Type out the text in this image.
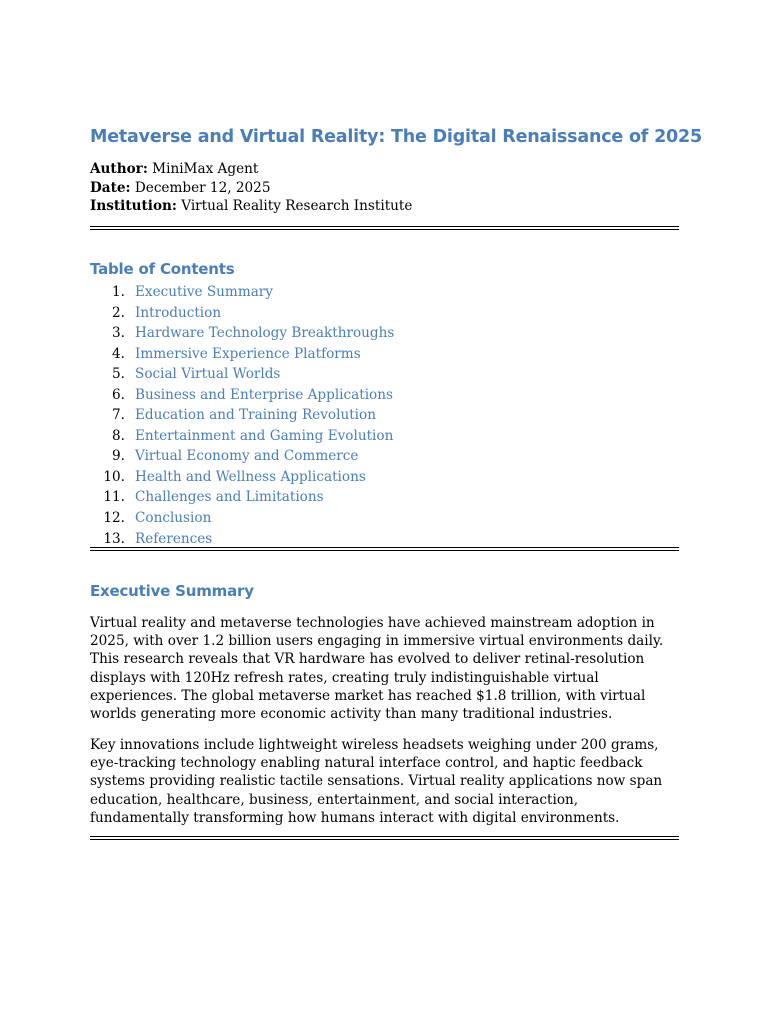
Metaverse and Virtual Reality: The Digital Renaissance of 2025
Author: MiniMax Agent
Date: December 12, 2025
Institution: Virtual Reality Research Institute
Table of Contents
1. Executive Summary
2. Introduction
3. Hardware Technology Breakthroughs
4. Immersive Experience Platforms
5. Social Virtual Worlds
6. Business and Enterprise Applications
7. Education and Training Revolution
8. Entertainment and Gaming Evolution
9. Virtual Economy and Commerce
10. Health and Wellness Applications
11. Challenges and Limitations
12. Conclusion
13. References
Executive Summary

Virtual reality and metaverse technologies have achieved mainstream adoption in 2025, with over 1.2 billion users engaging in immersive virtual environments daily. This research reveals that VR hardware has evolved to deliver retinal-resolution displays with 120Hz refresh rates, creating truly indistinguishable virtual experiences. The global metaverse market has reached $1.8 trillion, with virtual worlds generating more economic activity than many traditional industries.

Key innovations include lightweight wireless headsets weighing under 200 grams, eye-tracking technology enabling natural interface control, and haptic feedback systems providing realistic tactile sensations. Virtual reality applications now span education, healthcare, business, entertainment, and social interaction, fundamentally transforming how humans interact with digital environments.
